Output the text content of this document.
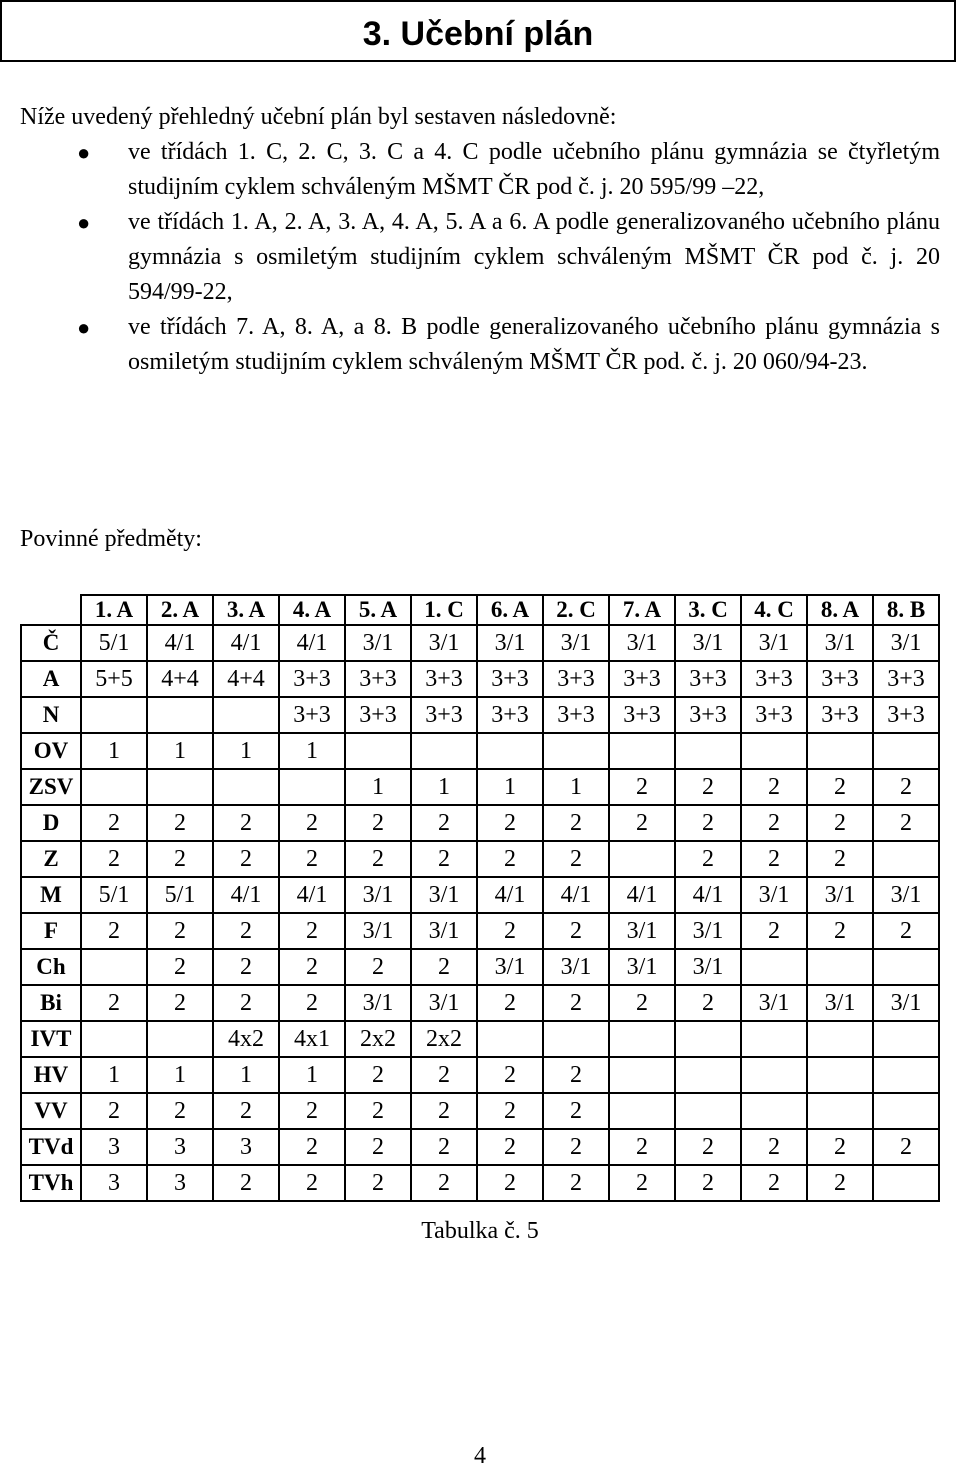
3. Učební plán

Níže uvedený přehledný učební plán byl sestaven následovně:

● ve třídách 1. C, 2. C, 3. C a 4. C podle učebního plánu gymnázia se čtyřletým studijním cyklem schváleným MŠMT ČR pod č. j. 20 595/99 –22,
● ve třídách 1. A, 2. A, 3. A, 4. A, 5. A a 6. A podle generalizovaného učebního plánu gymnázia s osmiletým studijním cyklem schváleným MŠMT ČR pod č. j. 20 594/99-22,
● ve třídách 7. A, 8. A, a 8. B podle generalizovaného učebního plánu gymnázia s osmiletým studijním cyklem schváleným MŠMT ČR pod. č. j. 20 060/94-23.

Povinné předměty:

	1. A	2. A	3. A	4. A	5. A	1. C	6. A	2. C	7. A	3. C	4. C	8. A	8. B
Č	5/1	4/1	4/1	4/1	3/1	3/1	3/1	3/1	3/1	3/1	3/1	3/1	3/1
A	5+5	4+4	4+4	3+3	3+3	3+3	3+3	3+3	3+3	3+3	3+3	3+3	3+3
N				3+3	3+3	3+3	3+3	3+3	3+3	3+3	3+3	3+3	3+3
OV	1	1	1	1									
ZSV					1	1	1	1	2	2	2	2	2
D	2	2	2	2	2	2	2	2	2	2	2	2	2
Z	2	2	2	2	2	2	2	2		2	2	2	
M	5/1	5/1	4/1	4/1	3/1	3/1	4/1	4/1	4/1	4/1	3/1	3/1	3/1
F	2	2	2	2	3/1	3/1	2	2	3/1	3/1	2	2	2
Ch		2	2	2	2	2	3/1	3/1	3/1	3/1			
Bi	2	2	2	2	3/1	3/1	2	2	2	2	3/1	3/1	3/1
IVT			4x2	4x1	2x2	2x2							
HV	1	1	1	1	2	2	2	2					
VV	2	2	2	2	2	2	2	2					
TVd	3	3	3	2	2	2	2	2	2	2	2	2	2
TVh	3	3	2	2	2	2	2	2	2	2	2	2	
Tabulka č. 5
4
